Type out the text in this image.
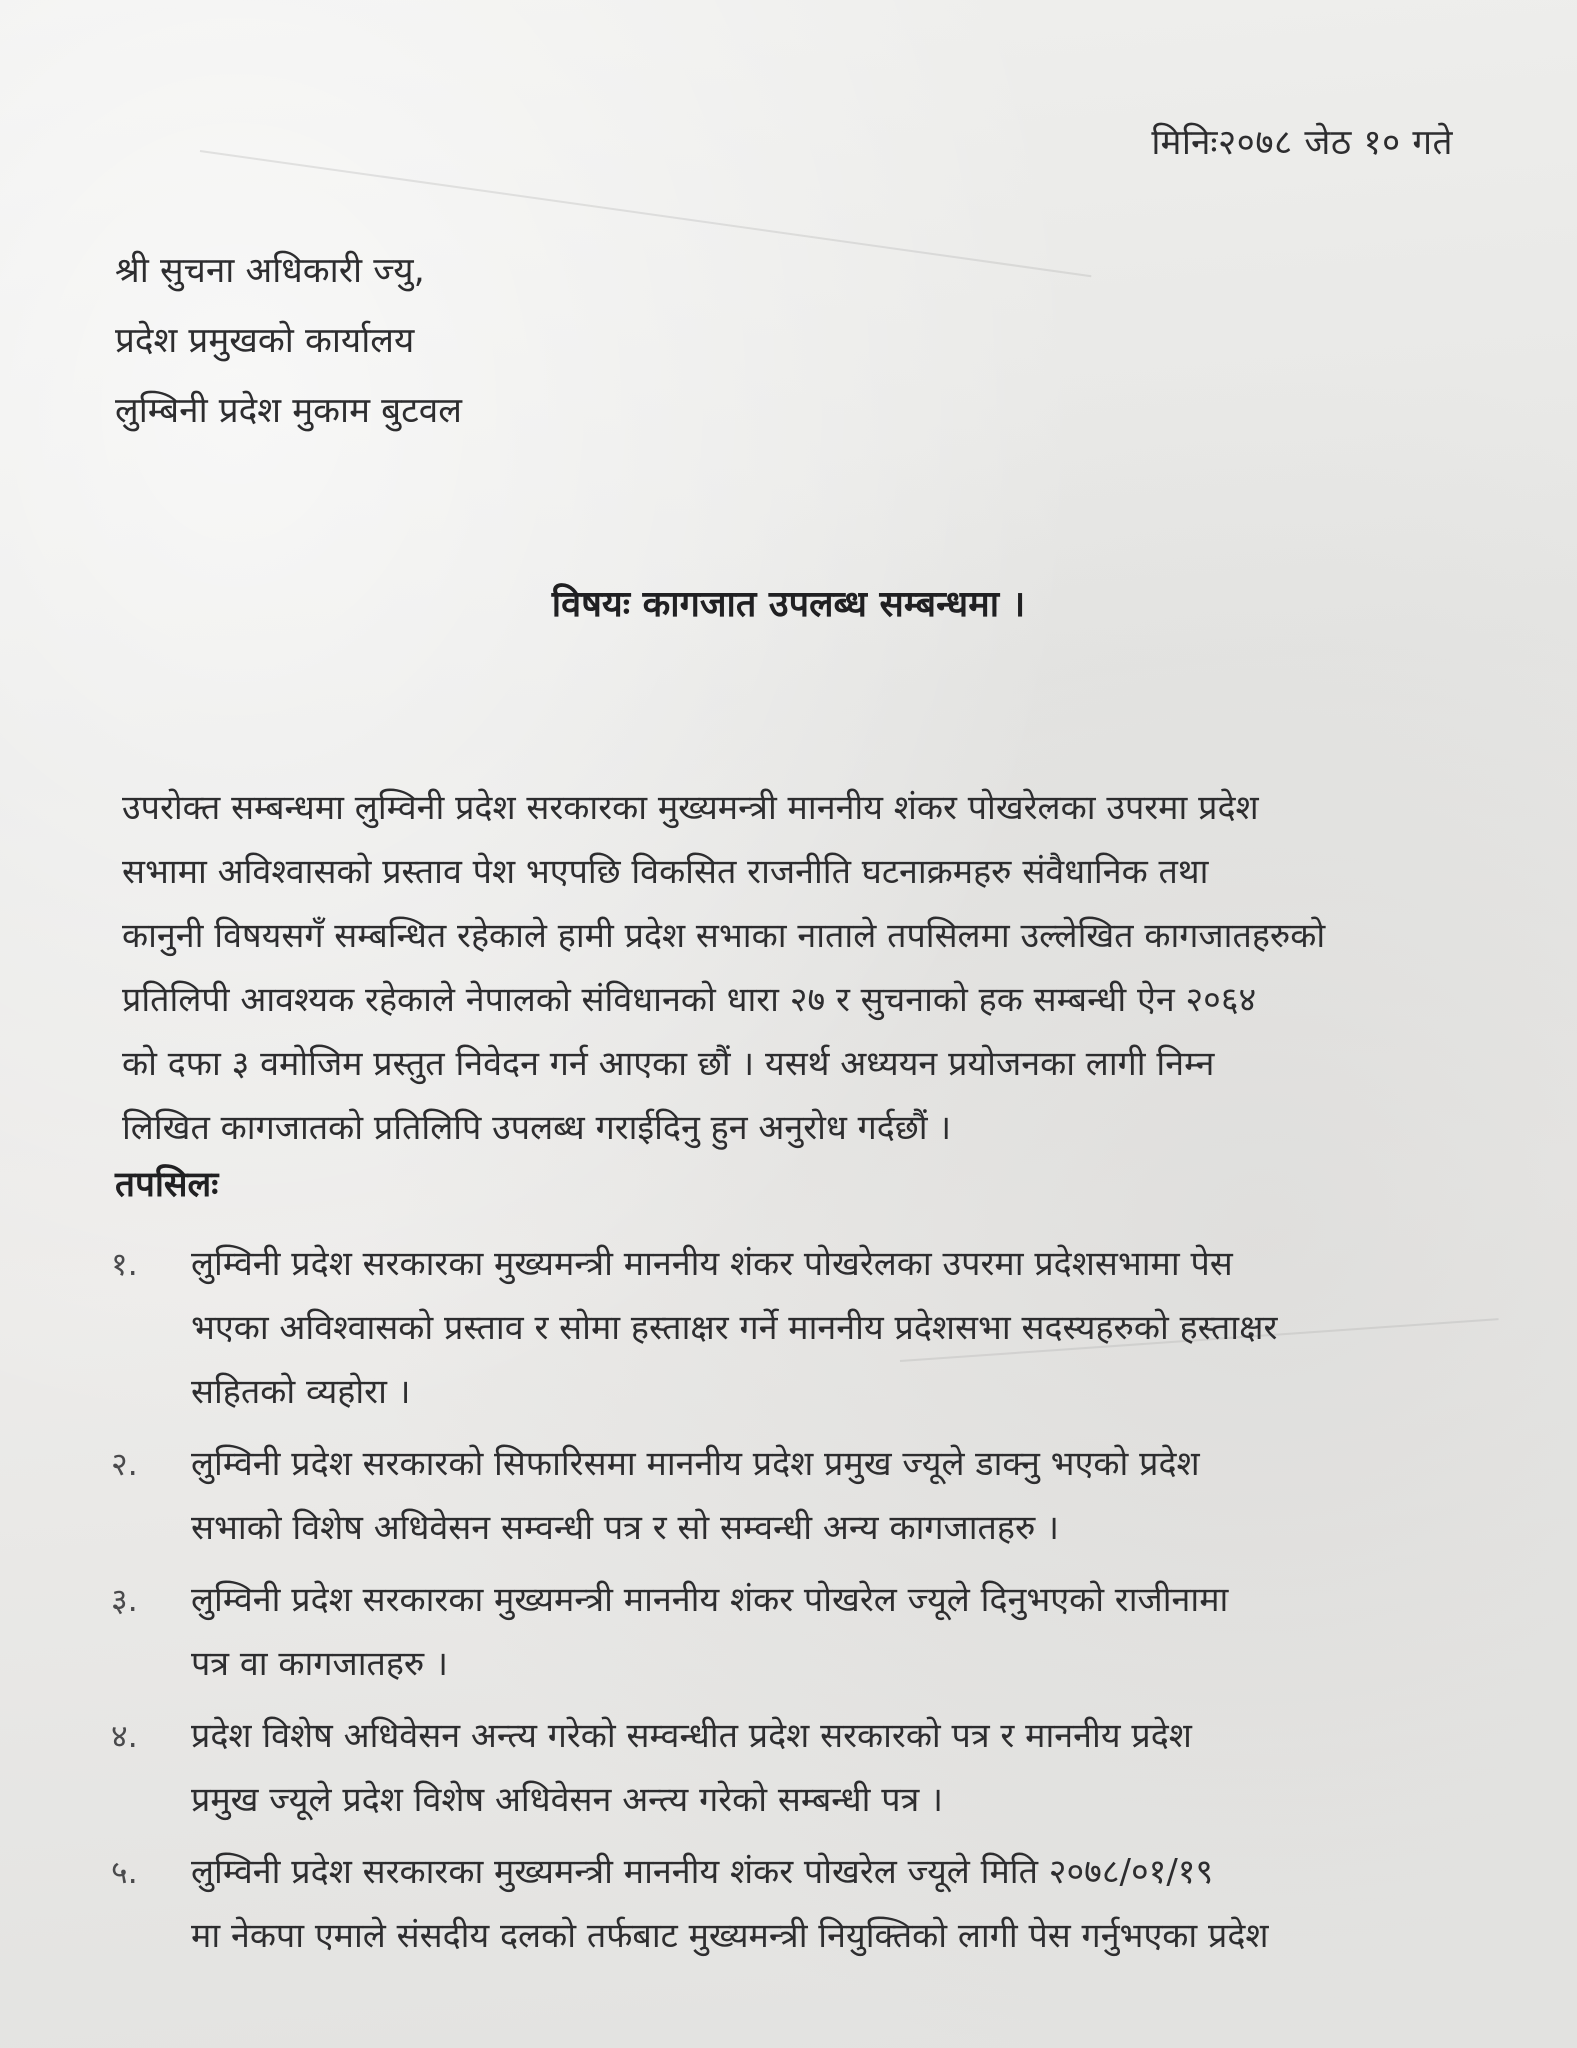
मिनिः२०७८ जेठ १० गते
श्री सुचना अधिकारी ज्यु,
प्रदेश प्रमुखको कार्यालय
लुम्बिनी प्रदेश मुकाम बुटवल
विषयः कागजात उपलब्ध सम्बन्धमा ।
उपरोक्त सम्बन्धमा लुम्विनी प्रदेश सरकारका मुख्यमन्त्री माननीय शंकर पोखरेलका उपरमा प्रदेश
सभामा अविश्वासको प्रस्ताव पेश भएपछि विकसित राजनीति घटनाक्रमहरु संवैधानिक तथा
कानुनी विषयसगँ सम्बन्धित रहेकाले हामी प्रदेश सभाका नाताले तपसिलमा उल्लेखित कागजातहरुको
प्रतिलिपी आवश्यक रहेकाले नेपालको संविधानको धारा २७ र सुचनाको हक सम्बन्धी ऐन २०६४
को दफा ३ वमोजिम प्रस्तुत निवेदन गर्न आएका छौं । यसर्थ अध्ययन प्रयोजनका लागी निम्न
लिखित कागजातको प्रतिलिपि उपलब्ध गराईदिनु हुन अनुरोध गर्दछौं ।
तपसिलः
१. लुम्विनी प्रदेश सरकारका मुख्यमन्त्री माननीय शंकर पोखरेलका उपरमा प्रदेशसभामा पेस
भएका अविश्वासको प्रस्ताव र सोमा हस्ताक्षर गर्ने माननीय प्रदेशसभा सदस्यहरुको हस्ताक्षर
सहितको व्यहोरा ।
२. लुम्विनी प्रदेश सरकारको सिफारिसमा माननीय प्रदेश प्रमुख ज्यूले डाक्नु भएको प्रदेश
सभाको विशेष अधिवेसन सम्वन्धी पत्र र सो सम्वन्धी अन्य कागजातहरु ।
३. लुम्विनी प्रदेश सरकारका मुख्यमन्त्री माननीय शंकर पोखरेल ज्यूले दिनुभएको राजीनामा
पत्र वा कागजातहरु ।
४. प्रदेश विशेष अधिवेसन अन्त्य गरेको सम्वन्धीत प्रदेश सरकारको पत्र र माननीय प्रदेश
प्रमुख ज्यूले प्रदेश विशेष अधिवेसन अन्त्य गरेको सम्बन्धी पत्र ।
५. लुम्विनी प्रदेश सरकारका मुख्यमन्त्री माननीय शंकर पोखरेल ज्यूले मिति २०७८/०१/१९
मा नेकपा एमाले संसदीय दलको तर्फबाट मुख्यमन्त्री नियुक्तिको लागी पेस गर्नुभएका प्रदेश
